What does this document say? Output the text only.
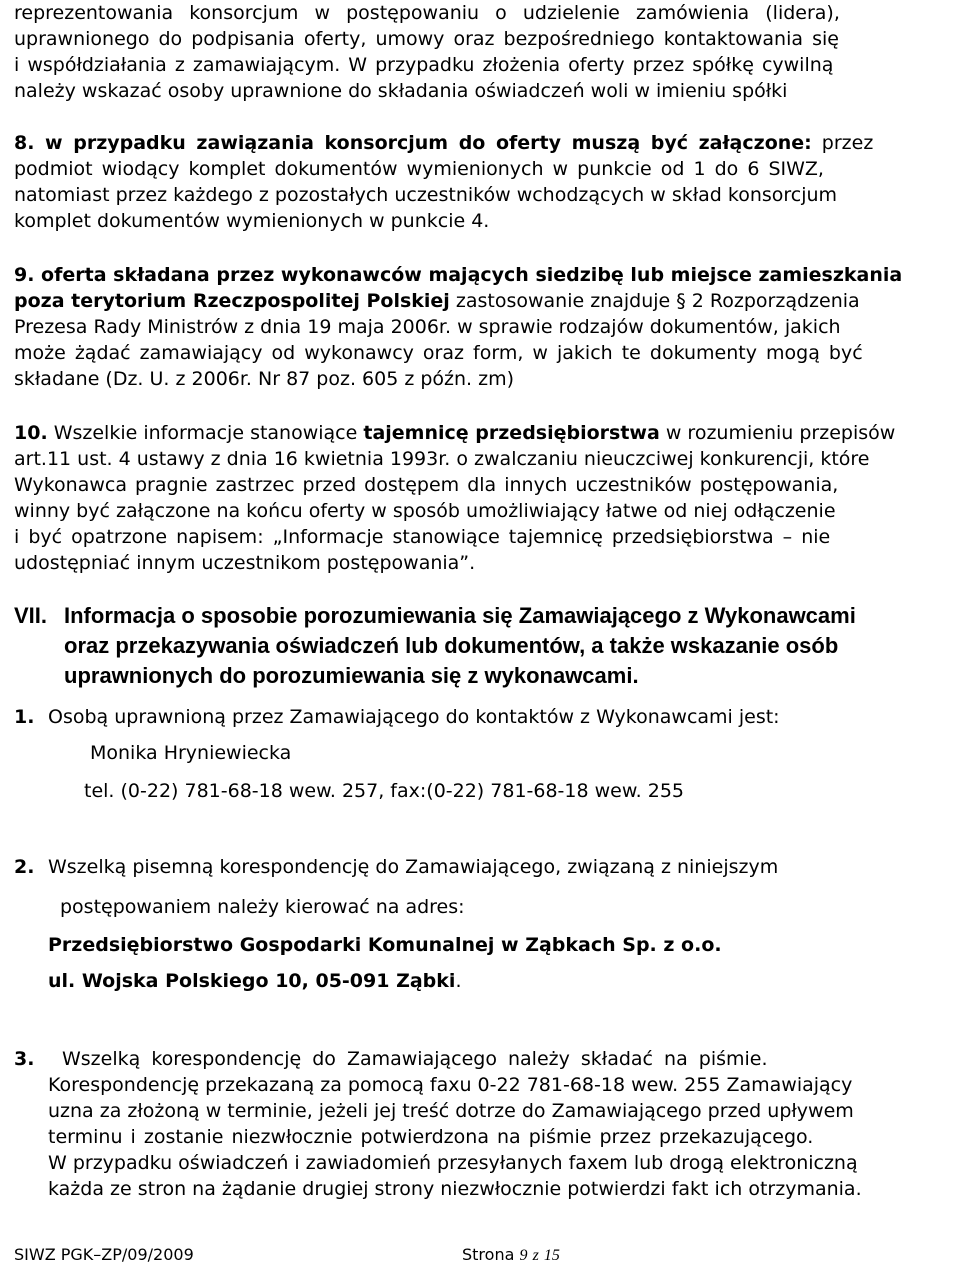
reprezentowania  konsorcjum  w  postępowaniu  o  udzielenie  zamówienia  (lidera),
uprawnionego do podpisania oferty, umowy oraz bezpośredniego kontaktowania się
i współdziałania z zamawiającym. W przypadku złożenia oferty przez spółkę cywilną
należy wskazać osoby uprawnione do składania oświadczeń woli w imieniu spółki
8. w przypadku zawiązania konsorcjum do oferty muszą być załączone: przez
podmiot wiodący komplet dokumentów wymienionych w punkcie od 1 do 6 SIWZ,
natomiast przez każdego z pozostałych uczestników wchodzących w skład konsorcjum
komplet dokumentów wymienionych w punkcie 4.
9. oferta składana przez wykonawców mających siedzibę lub miejsce zamieszkania
poza terytorium Rzeczpospolitej Polskiej zastosowanie znajduje § 2 Rozporządzenia
Prezesa Rady Ministrów z dnia 19 maja 2006r. w sprawie rodzajów dokumentów, jakich
może żądać zamawiający od wykonawcy oraz form, w jakich te dokumenty mogą być
składane (Dz. U. z 2006r. Nr 87 poz. 605 z późn. zm)
10. Wszelkie informacje stanowiące tajemnicę przedsiębiorstwa w rozumieniu przepisów
art.11 ust. 4 ustawy z dnia 16 kwietnia 1993r. o zwalczaniu nieuczciwej konkurencji, które
Wykonawca pragnie zastrzec przed dostępem dla innych uczestników postępowania,
winny być załączone na końcu oferty w sposób umożliwiający łatwe od niej odłączenie
i być opatrzone napisem: „Informacje stanowiące tajemnicę przedsiębiorstwa – nie
udostępniać innym uczestnikom postępowania”.
VII. Informacja o sposobie porozumiewania się Zamawiającego z Wykonawcami
oraz przekazywania oświadczeń lub dokumentów, a także wskazanie osób
uprawnionych do porozumiewania się z wykonawcami.
1. Osobą uprawnioną przez Zamawiającego do kontaktów z Wykonawcami jest:
Monika Hryniewiecka
tel. (0-22) 781-68-18 wew. 257, fax:(0-22) 781-68-18 wew. 255
2. Wszelką pisemną korespondencję do Zamawiającego, związaną z niniejszym
postępowaniem należy kierować na adres:
Przedsiębiorstwo Gospodarki Komunalnej w Ząbkach Sp. z o.o.
ul. Wojska Polskiego 10, 05-091 Ząbki.
3. Wszelką korespondencję do Zamawiającego należy składać na piśmie.
Korespondencję przekazaną za pomocą faxu 0-22 781-68-18 wew. 255 Zamawiający
uzna za złożoną w terminie, jeżeli jej treść dotrze do Zamawiającego przed upływem
terminu i zostanie niezwłocznie potwierdzona na piśmie przez przekazującego.
W przypadku oświadczeń i zawiadomień przesyłanych faxem lub drogą elektroniczną
każda ze stron na żądanie drugiej strony niezwłocznie potwierdzi fakt ich otrzymania.
SIWZ PGK–ZP/09/2009	Strona 9 z 15
